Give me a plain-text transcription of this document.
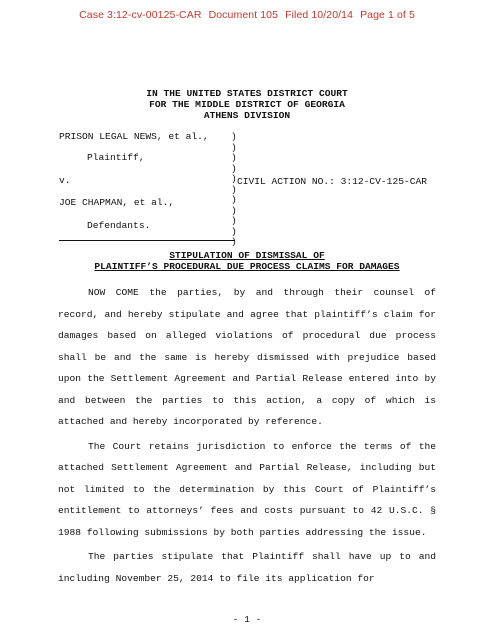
Case 3:12-cv-00125-CAR Document 105 Filed 10/20/14 Page 1 of 5
IN THE UNITED STATES DISTRICT COURT
FOR THE MIDDLE DISTRICT OF GEORGIA
ATHENS DIVISION
PRISON LEGAL NEWS, et al.,
Plaintiff,
v.
JOE CHAPMAN, et al.,
Defendants.
)
)
)
)
)
)
)
)
)
)
)
CIVIL ACTION NO.: 3:12-CV-125-CAR
STIPULATION OF DISMISSAL OF
PLAINTIFF’S PROCEDURAL DUE PROCESS CLAIMS FOR DAMAGES

NOW COME the parties, by and through their counsel of record, and hereby stipulate and agree that plaintiff’s claim for damages based on alleged violations of procedural due process shall be and the same is hereby dismissed with prejudice based upon the Settlement Agreement and Partial Release entered into by and between the parties to this action, a copy of which is attached and hereby incorporated by reference.

The Court retains jurisdiction to enforce the terms of the attached Settlement Agreement and Partial Release, including but not limited to the determination by this Court of Plaintiff’s entitlement to attorneys’ fees and costs pursuant to 42 U.S.C. § 1988 following submissions by both parties addressing the issue.

The parties stipulate that Plaintiff shall have up to and including November 25, 2014 to file its application for

- 1 -
